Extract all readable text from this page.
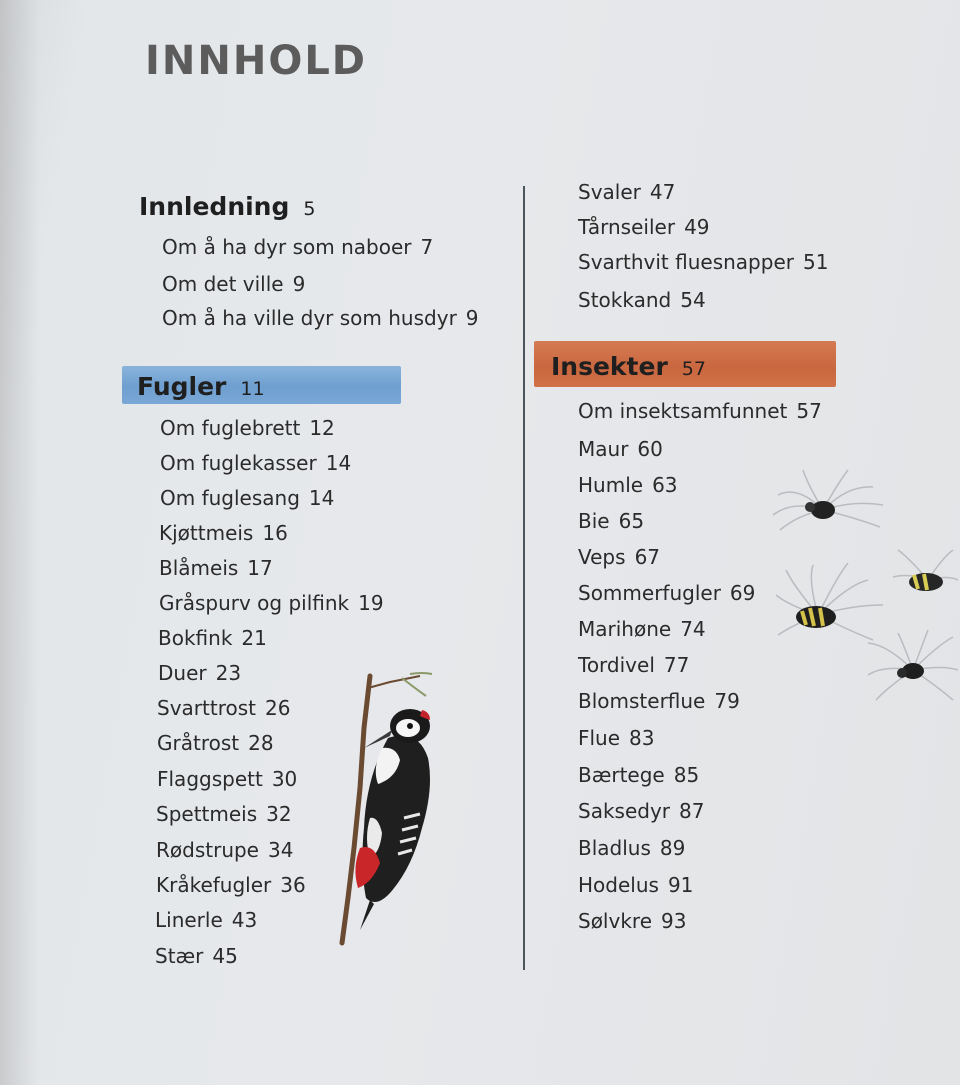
INNHOLD
Innledning 5
Om å ha dyr som naboer 7
Om det ville 9
Om å ha ville dyr som husdyr 9
Fugler 11
Om fuglebrett 12
Om fuglekasser 14
Om fuglesang 14
Kjøttmeis 16
Blåmeis 17
Gråspurv og pilfink 19
Bokfink 21
Duer 23
Svarttrost 26
Gråtrost 28
Flaggspett 30
Spettmeis 32
Rødstrupe 34
Kråkefugler 36
Linerle 43
Stær 45
Svaler 47
Tårnseiler 49
Svarthvit fluesnapper 51
Stokkand 54
Insekter 57
Om insektsamfunnet 57
Maur 60
Humle 63
Bie 65
Veps 67
Sommerfugler 69
Marihøne 74
Tordivel 77
Blomsterflue 79
Flue 83
Bærtege 85
Saksedyr 87
Bladlus 89
Hodelus 91
Sølvkre 93
